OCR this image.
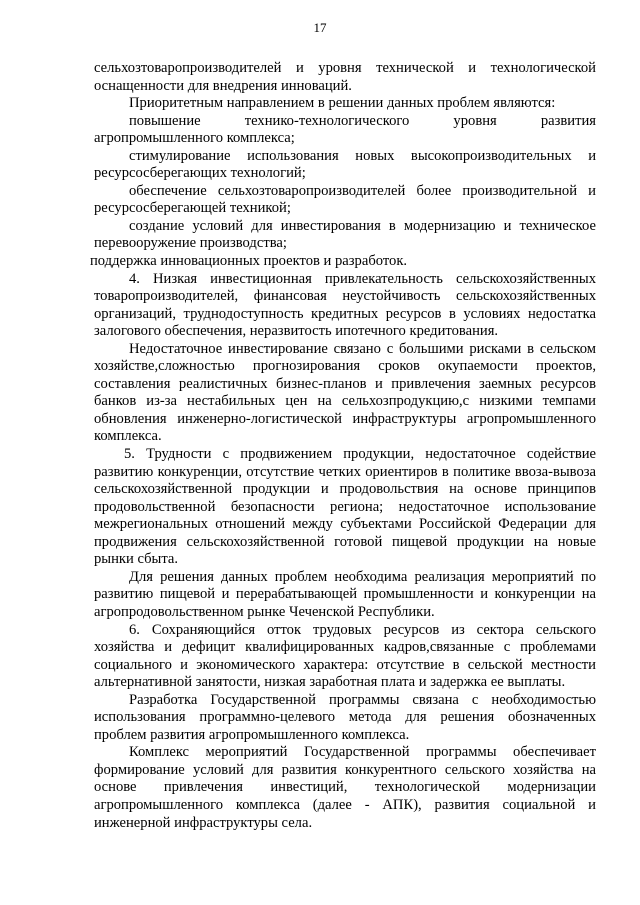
17

сельхозтоваропроизводителей и уровня технической и технологической оснащенности для внедрения инноваций.

Приоритетным направлением в решении данных проблем являются:

повышение технико-технологического уровня развития агропромышленного комплекса;

стимулирование использования новых высокопроизводительных и ресурсосберегающих технологий;

обеспечение сельхозтоваропроизводителей более производительной и ресурсосберегающей техникой;

создание условий для инвестирования в модернизацию и техническое перевооружение производства;

поддержка инновационных проектов и разработок.

4. Низкая инвестиционная привлекательность сельскохозяйственных товаропроизводителей, финансовая неустойчивость сельскохозяйственных организаций, труднодоступность кредитных ресурсов в условиях недостатка залогового обеспечения, неразвитость ипотечного кредитования.

Недостаточное инвестирование связано с большими рисками в сельском хозяйстве,сложностью прогнозирования сроков окупаемости проектов, составления реалистичных бизнес-планов и привлечения заемных ресурсов банков из-за нестабильных цен на сельхозпродукцию,с низкими темпами обновления инженерно-логистической инфраструктуры агропромышленного комплекса.

5. Трудности с продвижением продукции, недостаточное содействие развитию конкуренции, отсутствие четких ориентиров в политике ввоза-вывоза сельскохозяйственной продукции и продовольствия на основе принципов продовольственной безопасности региона; недостаточное использование межрегиональных отношений между субъектами Российской Федерации для продвижения сельскохозяйственной готовой пищевой продукции на новые рынки сбыта.

Для решения данных проблем необходима реализация мероприятий по развитию пищевой и перерабатывающей промышленности и конкуренции на агропродовольственном рынке Чеченской Республики.

6. Сохраняющийся отток трудовых ресурсов из сектора сельского хозяйства и дефицит квалифицированных кадров,связанные с проблемами социального и экономического характера: отсутствие в сельской местности альтернативной занятости, низкая заработная плата и задержка ее выплаты.

Разработка Государственной программы связана с необходимостью использования программно-целевого метода для решения обозначенных проблем развития агропромышленного комплекса.

Комплекс мероприятий Государственной программы обеспечивает формирование условий для развития конкурентного сельского хозяйства на основе привлечения инвестиций, технологической модернизации агропромышленного комплекса (далее - АПК), развития социальной и инженерной инфраструктуры села.
